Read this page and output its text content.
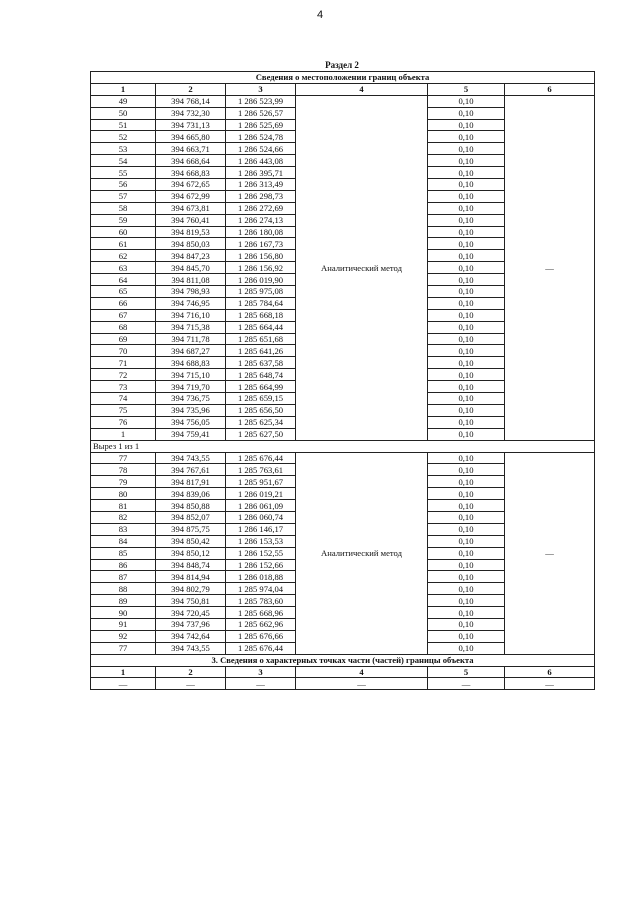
4
Раздел 2
Сведения о местоположении границ объекта					
1	2	3	4	5	6
49	394 768,14	1 286 523,99	Аналитический метод	0,10	—
50	394 732,30	1 286 526,57		0,10	
51	394 731,13	1 286 525,69		0,10	
52	394 665,80	1 286 524,78		0,10	
53	394 663,71	1 286 524,66		0,10	
54	394 668,64	1 286 443,08		0,10	
55	394 668,83	1 286 395,71		0,10	
56	394 672,65	1 286 313,49		0,10	
57	394 672,99	1 286 298,73		0,10	
58	394 673,81	1 286 272,69		0,10	
59	394 760,41	1 286 274,13		0,10	
60	394 819,53	1 286 180,08		0,10	
61	394 850,03	1 286 167,73		0,10	
62	394 847,23	1 286 156,80		0,10	
63	394 845,70	1 286 156,92		0,10	
64	394 811,08	1 286 019,90		0,10	
65	394 798,93	1 285 975,08		0,10	
66	394 746,95	1 285 784,64		0,10	
67	394 716,10	1 285 668,18		0,10	
68	394 715,38	1 285 664,44		0,10	
69	394 711,78	1 285 651,68		0,10	
70	394 687,27	1 285 641,26		0,10	
71	394 688,83	1 285 637,58		0,10	
72	394 715,10	1 285 648,74		0,10	
73	394 719,70	1 285 664,99		0,10	
74	394 736,75	1 285 659,15		0,10	
75	394 735,96	1 285 656,50		0,10	
76	394 756,05	1 285 625,34		0,10	
1	394 759,41	1 285 627,50		0,10	
Вырез 1 из 1					
77	394 743,55	1 285 676,44	Аналитический метод	0,10	—
78	394 767,61	1 285 763,61		0,10	
79	394 817,91	1 285 951,67		0,10	
80	394 839,06	1 286 019,21		0,10	
81	394 850,88	1 286 061,09		0,10	
82	394 852,07	1 286 060,74		0,10	
83	394 875,75	1 286 146,17		0,10	
84	394 850,42	1 286 153,53		0,10	
85	394 850,12	1 286 152,55		0,10	
86	394 848,74	1 286 152,66		0,10	
87	394 814,94	1 286 018,88		0,10	
88	394 802,79	1 285 974,04		0,10	
89	394 750,81	1 285 783,60		0,10	
90	394 720,45	1 285 668,96		0,10	
91	394 737,96	1 285 662,96		0,10	
92	394 742,64	1 285 676,66		0,10	
77	394 743,55	1 285 676,44		0,10	
3. Сведения о характерных точках части (частей) границы объекта					
1	2	3	4	5	6
—	—	—	—	—	—
